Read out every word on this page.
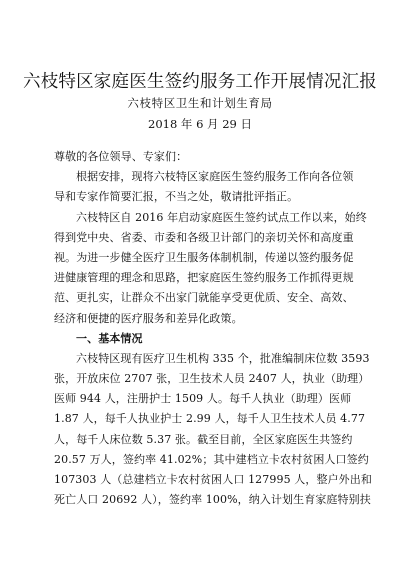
六枝特区家庭医生签约服务工作开展情况汇报
六枝特区卫生和计划生育局
2018 年 6 月 29 日
尊敬的各位领导、专家们：
根据安排，现将六枝特区家庭医生签约服务工作向各位领
导和专家作简要汇报，不当之处，敬请批评指正。
六枝特区自 2016 年启动家庭医生签约试点工作以来，始终
得到党中央、省委、市委和各级卫计部门的亲切关怀和高度重
视。为进一步健全医疗卫生服务体制机制，传递以签约服务促
进健康管理的理念和思路，把家庭医生签约服务工作抓得更规
范、更扎实，让群众不出家门就能享受更优质、安全、高效、
经济和便捷的医疗服务和差异化政策。
一、基本情况
六枝特区现有医疗卫生机构 335 个，批准编制床位数 3593
张，开放床位 2707 张，卫生技术人员 2407 人，执业（助理）
医师 944 人，注册护士 1509 人。每千人执业（助理）医师
1.87 人，每千人执业护士 2.99 人，每千人卫生技术人员 4.77
人，每千人床位数 5.37 张。截至目前，全区家庭医生共签约
20.57 万人，签约率 41.02%；其中建档立卡农村贫困人口签约
107303 人（总建档立卡农村贫困人口 127995 人，整户外出和
死亡人口 20692 人），签约率 100%，纳入计划生育家庭特别扶
